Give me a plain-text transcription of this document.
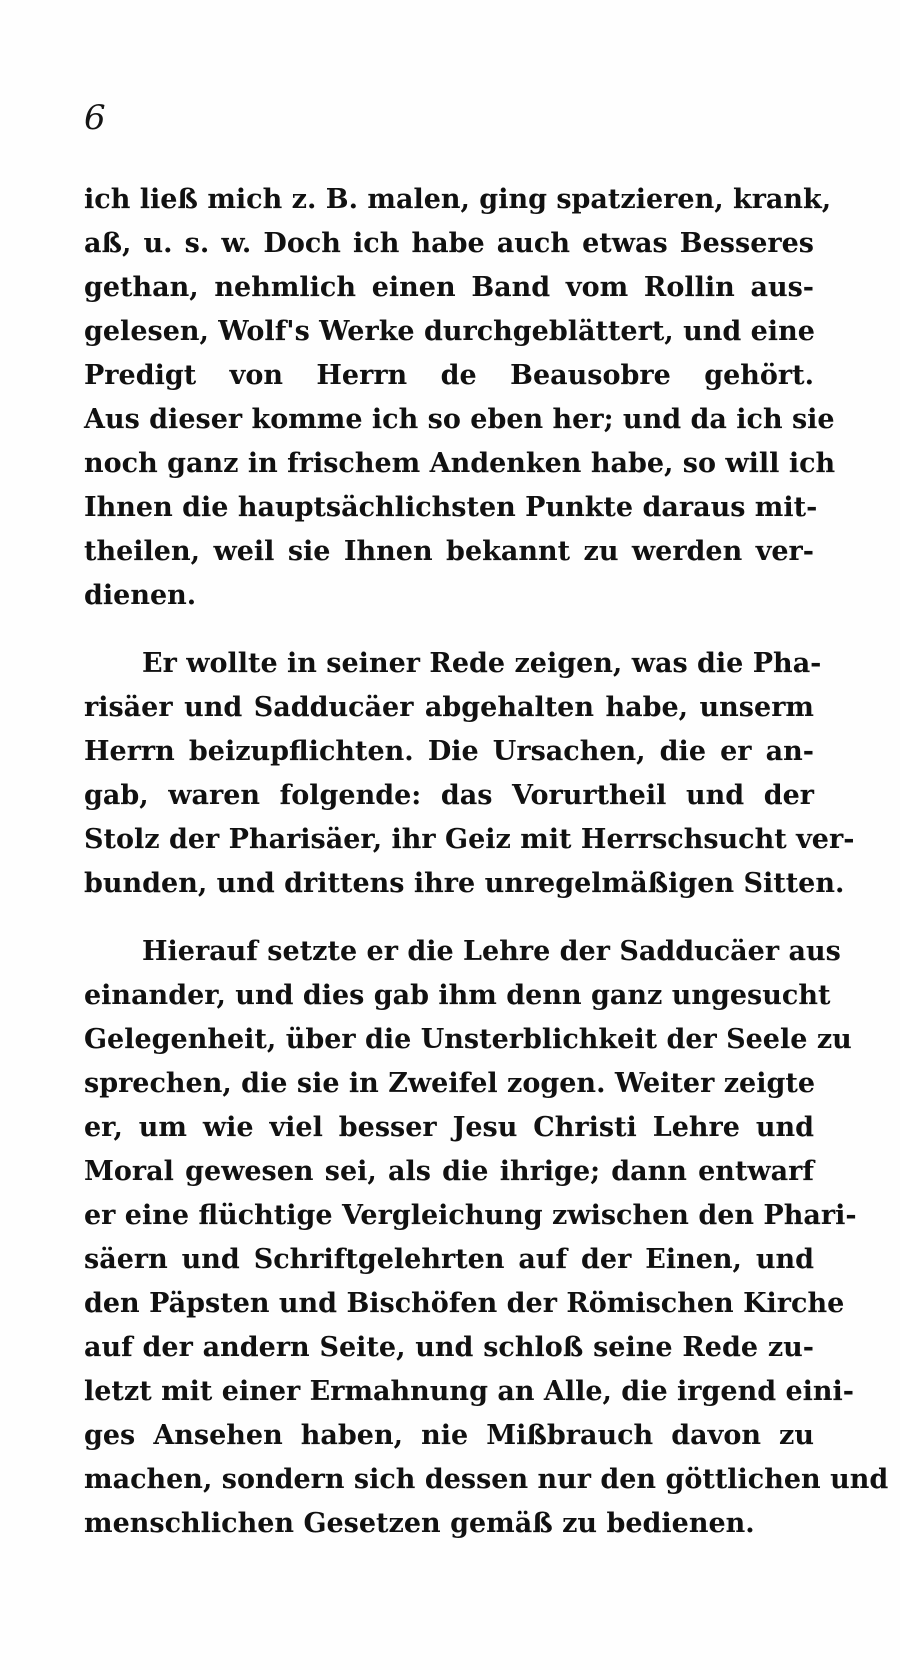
6
ich ließ mich z. B. malen, ging spatzieren, krank,
aß, u. s. w. Doch ich habe auch etwas Besseres
gethan, nehmlich einen Band vom Rollin aus-
gelesen, Wolf's Werke durchgeblättert, und eine
Predigt von Herrn de Beausobre gehört.
Aus dieser komme ich so eben her; und da ich sie
noch ganz in frischem Andenken habe, so will ich
Ihnen die hauptsächlichsten Punkte daraus mit-
theilen, weil sie Ihnen bekannt zu werden ver-
dienen.
Er wollte in seiner Rede zeigen, was die Pha-
risäer und Sadducäer abgehalten habe, unserm
Herrn beizupflichten. Die Ursachen, die er an-
gab, waren folgende: das Vorurtheil und der
Stolz der Pharisäer, ihr Geiz mit Herrschsucht ver-
bunden, und drittens ihre unregelmäßigen Sitten.
Hierauf setzte er die Lehre der Sadducäer aus
einander, und dies gab ihm denn ganz ungesucht
Gelegenheit, über die Unsterblichkeit der Seele zu
sprechen, die sie in Zweifel zogen. Weiter zeigte
er, um wie viel besser Jesu Christi Lehre und
Moral gewesen sei, als die ihrige; dann entwarf
er eine flüchtige Vergleichung zwischen den Phari-
säern und Schriftgelehrten auf der Einen, und
den Päpsten und Bischöfen der Römischen Kirche
auf der andern Seite, und schloß seine Rede zu-
letzt mit einer Ermahnung an Alle, die irgend eini-
ges Ansehen haben, nie Mißbrauch davon zu
machen, sondern sich dessen nur den göttlichen und
menschlichen Gesetzen gemäß zu bedienen.
